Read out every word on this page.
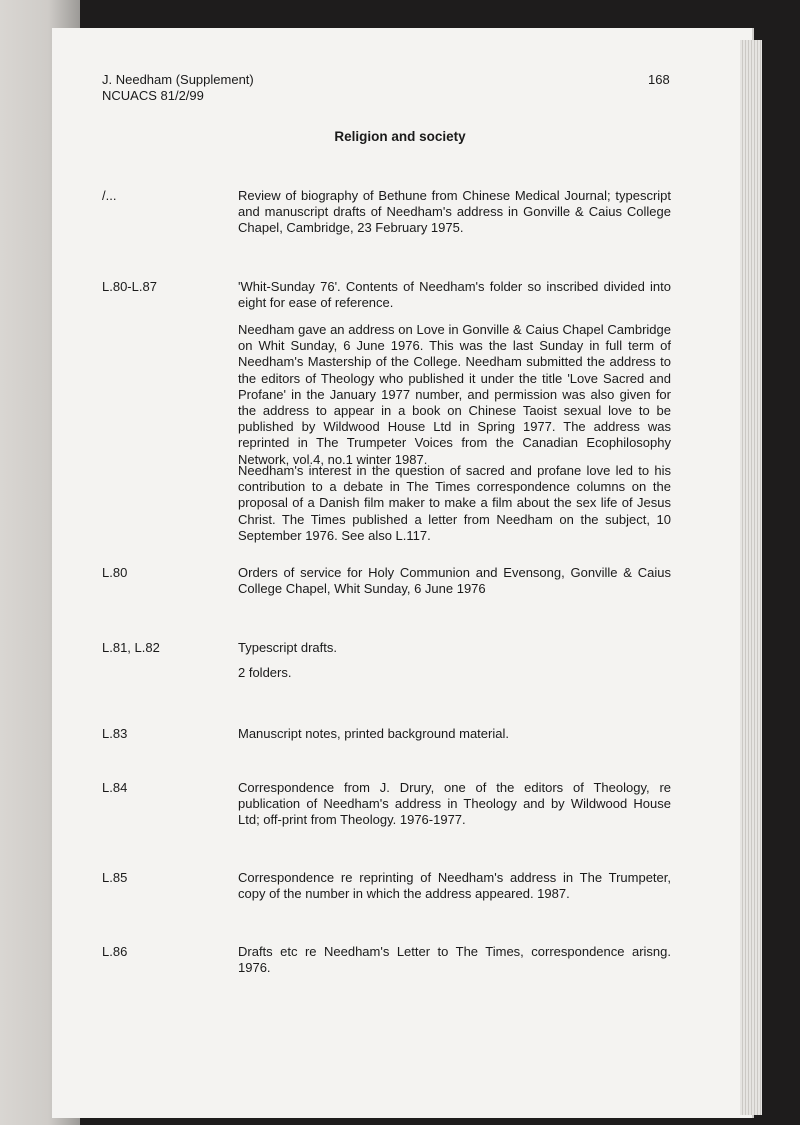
J. Needham (Supplement)
NCUACS 81/2/99
168
Religion and society
/...	Review of biography of Bethune from Chinese Medical Journal; typescript and manuscript drafts of Needham's address in Gonville & Caius College Chapel, Cambridge, 23 February 1975.
L.80-L.87	'Whit-Sunday 76'. Contents of Needham's folder so inscribed divided into eight for ease of reference.

Needham gave an address on Love in Gonville & Caius Chapel Cambridge on Whit Sunday, 6 June 1976. This was the last Sunday in full term of Needham's Mastership of the College. Needham submitted the address to the editors of Theology who published it under the title 'Love Sacred and Profane' in the January 1977 number, and permission was also given for the address to appear in a book on Chinese Taoist sexual love to be published by Wildwood House Ltd in Spring 1977. The address was reprinted in The Trumpeter Voices from the Canadian Ecophilosophy Network, vol.4, no.1 winter 1987.

Needham's interest in the question of sacred and profane love led to his contribution to a debate in The Times correspondence columns on the proposal of a Danish film maker to make a film about the sex life of Jesus Christ. The Times published a letter from Needham on the subject, 10 September 1976. See also L.117.

L.80	Orders of service for Holy Communion and Evensong, Gonville & Caius College Chapel, Whit Sunday, 6 June 1976
L.81, L.82	Typescript drafts.
2 folders.
L.83	Manuscript notes, printed background material.
L.84	Correspondence from J. Drury, one of the editors of Theology, re publication of Needham's address in Theology and by Wildwood House Ltd; off-print from Theology. 1976-1977.
L.85	Correspondence re reprinting of Needham's address in The Trumpeter, copy of the number in which the address appeared. 1987.
L.86	Drafts etc re Needham's Letter to The Times, correspondence arisng. 1976.
